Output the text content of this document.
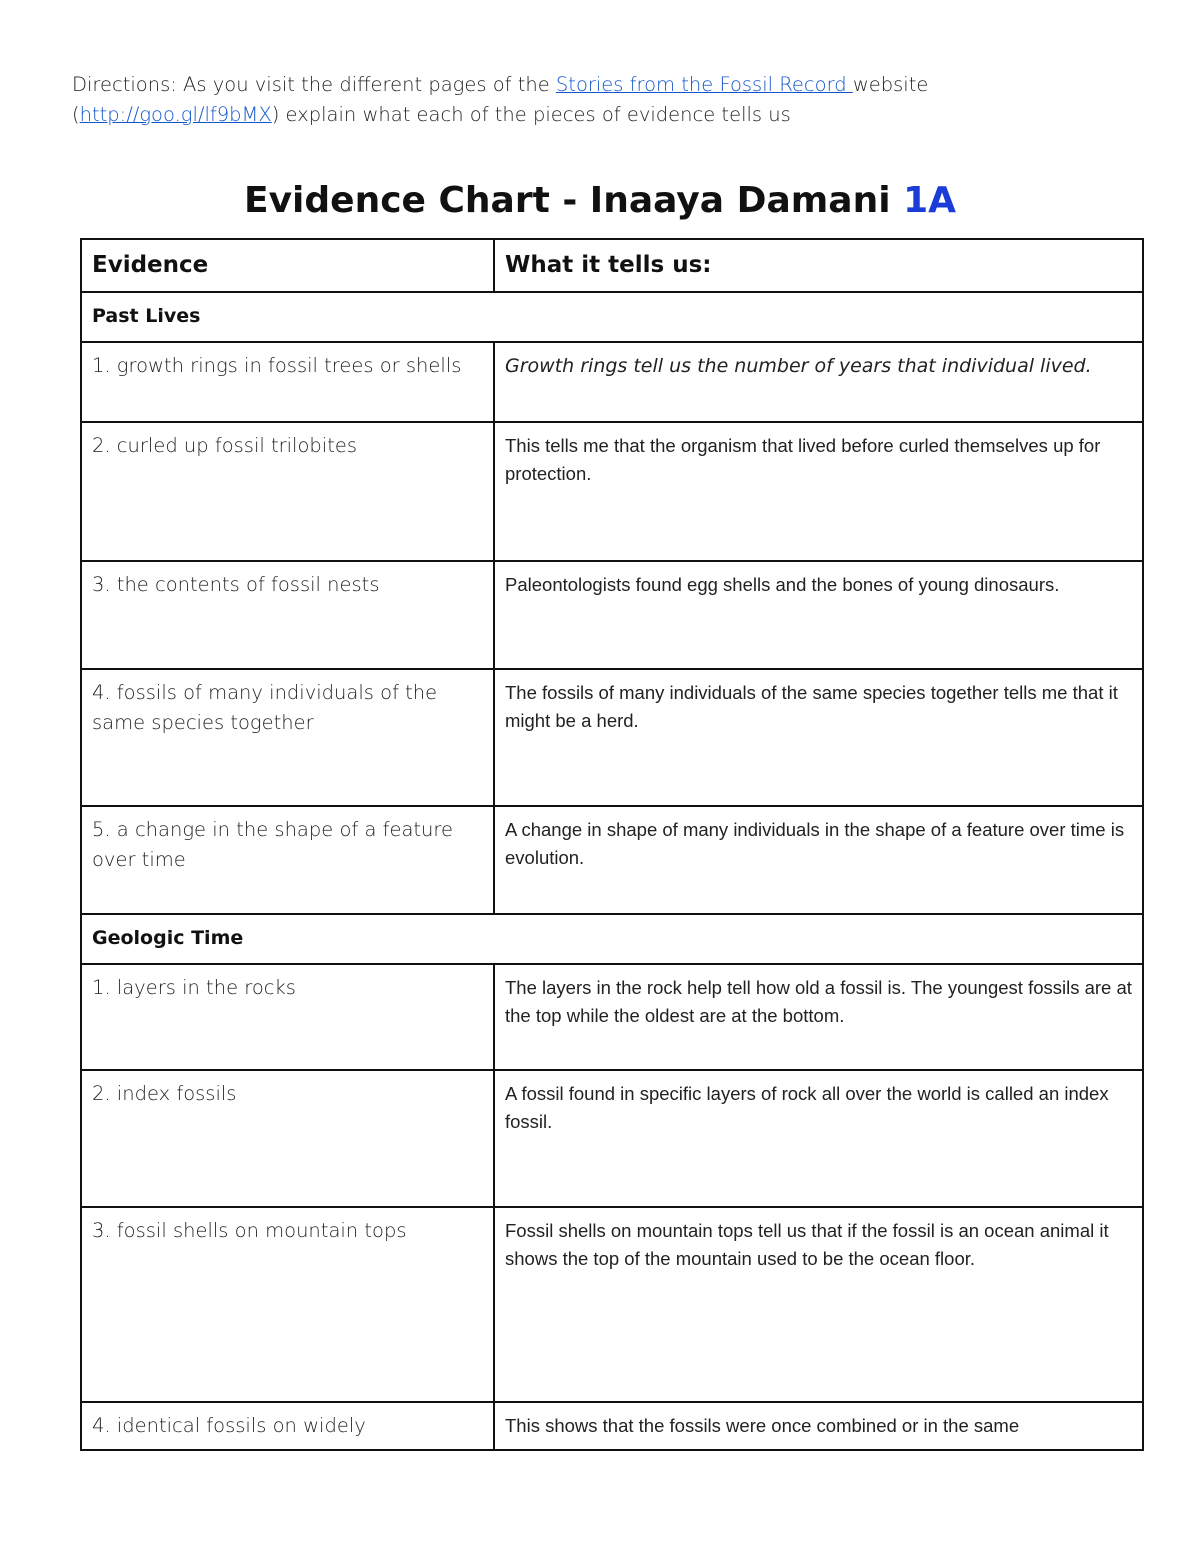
Directions: As you visit the different pages of the Stories from the Fossil Record website (http://goo.gl/lf9bMX) explain what each of the pieces of evidence tells us
Evidence Chart - Inaaya Damani 1A
Evidence	What it tells us:
Past Lives	
1. growth rings in fossil trees or shells	Growth rings tell us the number of years that individual lived.
2. curled up fossil trilobites	This tells me that the organism that lived before curled themselves up for protection.
3. the contents of fossil nests	Paleontologists found egg shells and the bones of young dinosaurs.
4. fossils of many individuals of the same species together	The fossils of many individuals of the same species together tells me that it might be a herd.
5. a change in the shape of a feature over time	A change in shape of many individuals in the shape of a feature over time is evolution.
Geologic Time	
1. layers in the rocks	The layers in the rock help tell how old a fossil is. The youngest fossils are at the top while the oldest are at the bottom.
2. index fossils	A fossil found in specific layers of rock all over the world is called an index fossil.
3. fossil shells on mountain tops	Fossil shells on mountain tops tell us that if the fossil is an ocean animal it shows the top of the mountain used to be the ocean floor.
4. identical fossils on widely	This shows that the fossils were once combined or in the same
